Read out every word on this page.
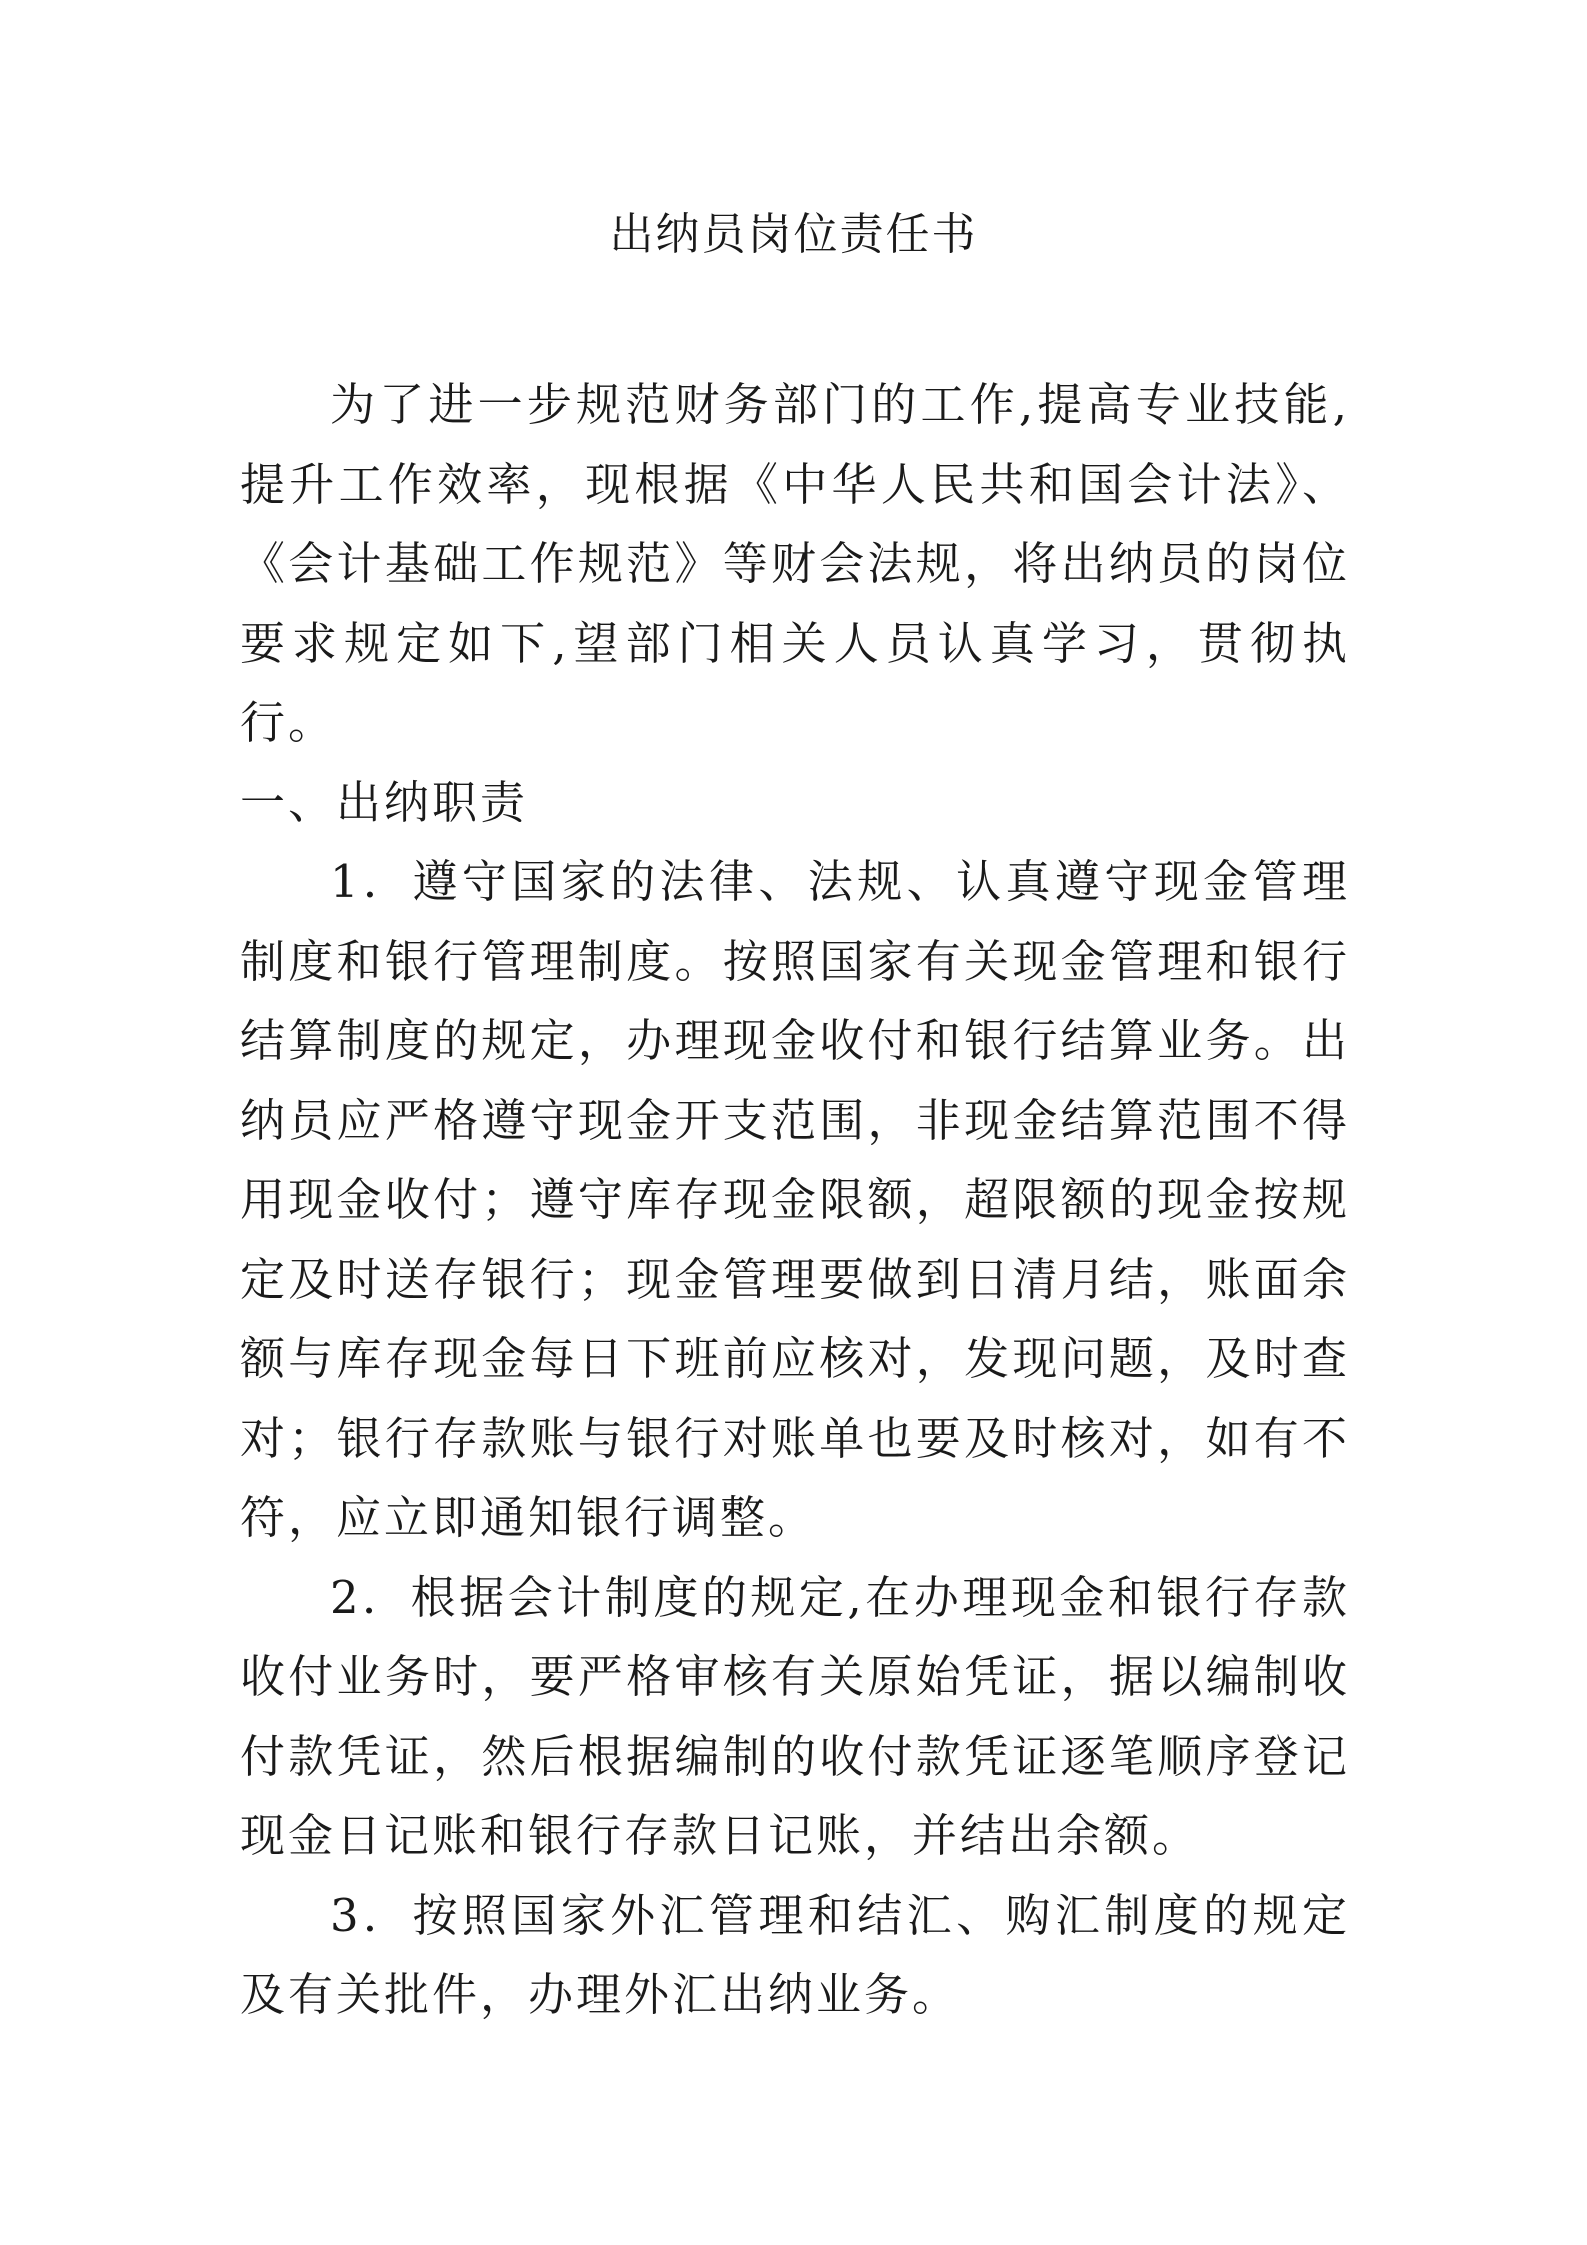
出纳员岗位责任书

为了进一步规范财务部门的工作,提高专业技能,提升工作效率，现根据《中华人民共和国会计法》、《会计基础工作规范》等财会法规，将出纳员的岗位要求规定如下,望部门相关人员认真学习，贯彻执行。

一、出纳职责

1．遵守国家的法律、法规、认真遵守现金管理制度和银行管理制度。按照国家有关现金管理和银行结算制度的规定，办理现金收付和银行结算业务。出纳员应严格遵守现金开支范围，非现金结算范围不得用现金收付；遵守库存现金限额，超限额的现金按规定及时送存银行；现金管理要做到日清月结，账面余额与库存现金每日下班前应核对，发现问题，及时查对；银行存款账与银行对账单也要及时核对，如有不符，应立即通知银行调整。

2．根据会计制度的规定,在办理现金和银行存款收付业务时，要严格审核有关原始凭证，据以编制收付款凭证，然后根据编制的收付款凭证逐笔顺序登记现金日记账和银行存款日记账，并结出余额。

3．按照国家外汇管理和结汇、购汇制度的规定及有关批件，办理外汇出纳业务。
